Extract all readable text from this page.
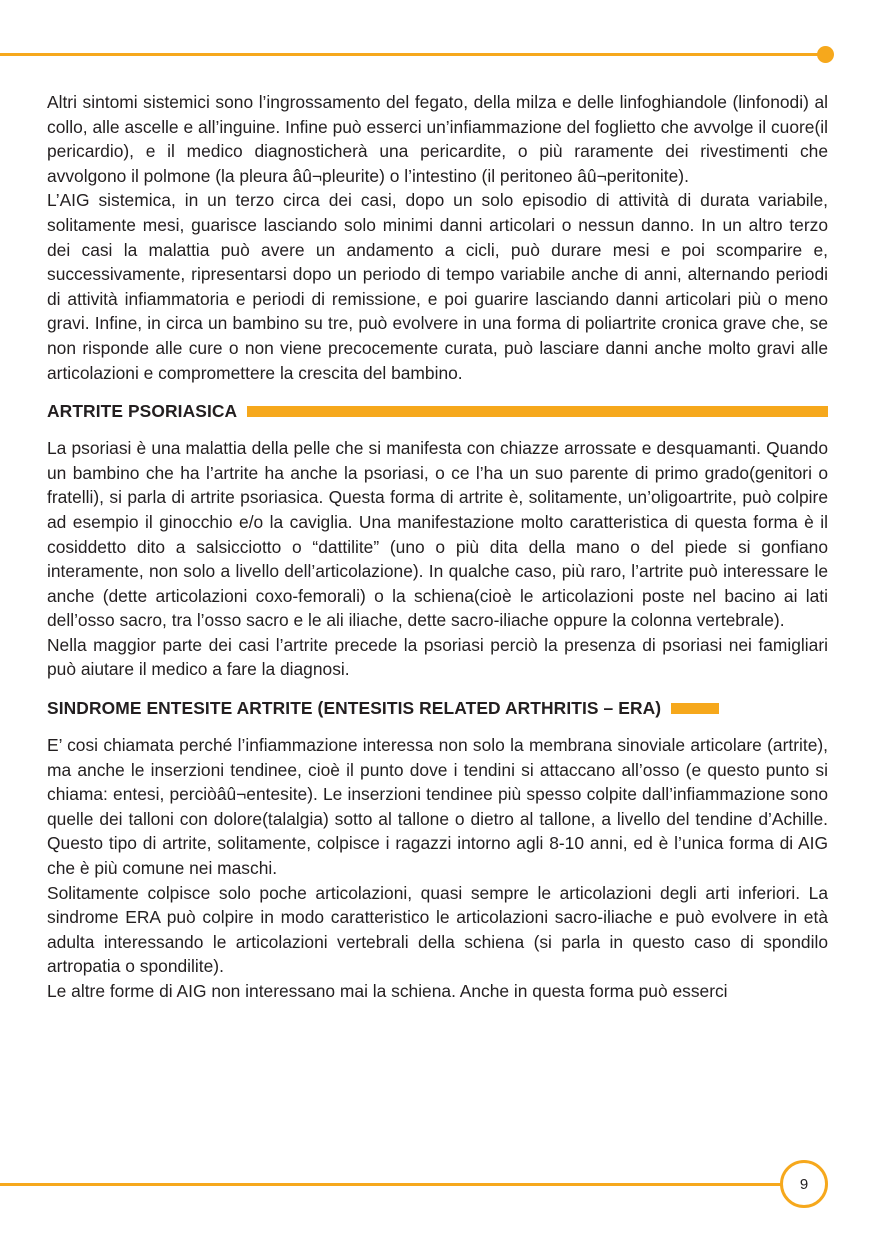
Altri sintomi sistemici sono l’ingrossamento del fegato, della milza e delle linfoghiandole (linfonodi) al collo, alle ascelle e all’inguine. Infine può esserci un’infiammazione del foglietto che avvolge il cuore(il pericardio), e il medico diagnosticherà una pericardite, o più raramente dei rivestimenti che avvolgono il polmone (la pleura âû¬pleurite) o l’intestino (il peritoneo âû¬peritonite).

L’AIG sistemica, in un terzo circa dei casi, dopo un solo episodio di attività di durata variabile, solitamente mesi, guarisce lasciando solo minimi danni articolari o nessun danno. In un altro terzo dei casi la malattia può avere un andamento a cicli, può durare mesi e poi scomparire e, successivamente, ripresentarsi dopo un periodo di tempo variabile anche di anni, alternando periodi di attività infiammatoria e periodi di remissione, e poi guarire lasciando danni articolari più o meno gravi. Infine, in circa un bambino su tre, può evolvere in una forma di poliartrite cronica grave che, se non risponde alle cure o non viene precocemente curata, può lasciare danni anche molto gravi alle articolazioni e compromettere la crescita del bambino.

ARTRITE PSORIASICA

La psoriasi è una malattia della pelle che si manifesta con chiazze arrossate e desquamanti. Quando un bambino che ha l’artrite ha anche la psoriasi, o ce l’ha un suo parente di primo grado(genitori o fratelli), si parla di artrite psoriasica. Questa forma di artrite è, solitamente, un’oligoartrite, può colpire ad esempio il ginocchio e/o la caviglia. Una manifestazione molto caratteristica di questa forma è il cosiddetto dito a salsicciotto o “dattilite” (uno o più dita della mano o del piede si gonfiano interamente, non solo a livello dell’articolazione). In qualche caso, più raro, l’artrite può interessare le anche (dette articolazioni coxo-femorali) o la schiena(cioè le articolazioni poste nel bacino ai lati dell’osso sacro, tra l’osso sacro e le ali iliache, dette sacro-iliache oppure la colonna vertebrale).

Nella maggior parte dei casi l’artrite precede la psoriasi perciò la presenza di psoriasi nei famigliari può aiutare il medico a fare la diagnosi.

SINDROME ENTESITE ARTRITE (ENTESITIS RELATED ARTHRITIS – ERA)

E’ cosi chiamata perché l’infiammazione interessa non solo la membrana sinoviale articolare (artrite), ma anche le inserzioni tendinee, cioè il punto dove i tendini si attaccano all’osso (e questo punto si chiama: entesi, perciòâû¬entesite). Le inserzioni tendinee più spesso colpite dall’infiammazione sono quelle dei talloni con dolore(talalgia) sotto al tallone o dietro al tallone, a livello del tendine d’Achille. Questo tipo di artrite, solitamente, colpisce i ragazzi intorno agli 8-10 anni, ed è l’unica forma di AIG che è più comune nei maschi.

Solitamente colpisce solo poche articolazioni, quasi sempre le articolazioni degli arti inferiori. La sindrome ERA può colpire in modo caratteristico le articolazioni sacro-iliache e può evolvere in età adulta interessando le articolazioni vertebrali della schiena (si parla in questo caso di spondilo artropatia o spondilite).

Le altre forme di AIG non interessano mai la schiena. Anche in questa forma può esserci

9
